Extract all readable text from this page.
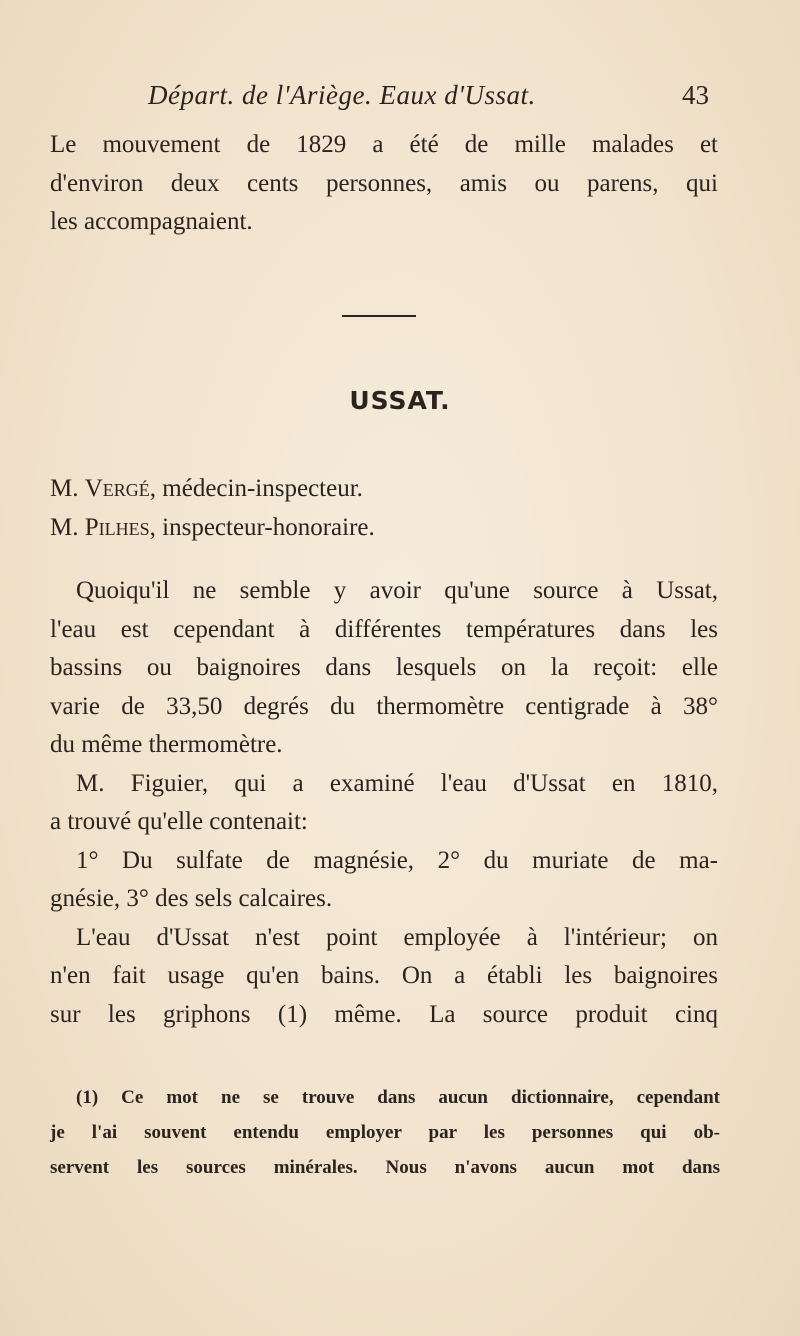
Départ. de l'Ariège. Eaux d'Ussat.	43
Le mouvement de 1829 a été de mille malades et
d'environ deux cents personnes, amis ou parens, qui
les accompagnaient.
USSAT.
M. Vergé, médecin-inspecteur.
M. Pilhes, inspecteur-honoraire.
Quoiqu'il ne semble y avoir qu'une source à Ussat,
l'eau est cependant à différentes températures dans les
bassins ou baignoires dans lesquels on la reçoit: elle
varie de 33,50 degrés du thermomètre centigrade à 38°
du même thermomètre.
M. Figuier, qui a examiné l'eau d'Ussat en 1810,
a trouvé qu'elle contenait:
1° Du sulfate de magnésie, 2° du muriate de ma-
gnésie, 3° des sels calcaires.
L'eau d'Ussat n'est point employée à l'intérieur; on
n'en fait usage qu'en bains. On a établi les baignoires
sur les griphons (1) même. La source produit cinq
(1) Ce mot ne se trouve dans aucun dictionnaire, cependant
je l'ai souvent entendu employer par les personnes qui ob-
servent les sources minérales. Nous n'avons aucun mot dans
